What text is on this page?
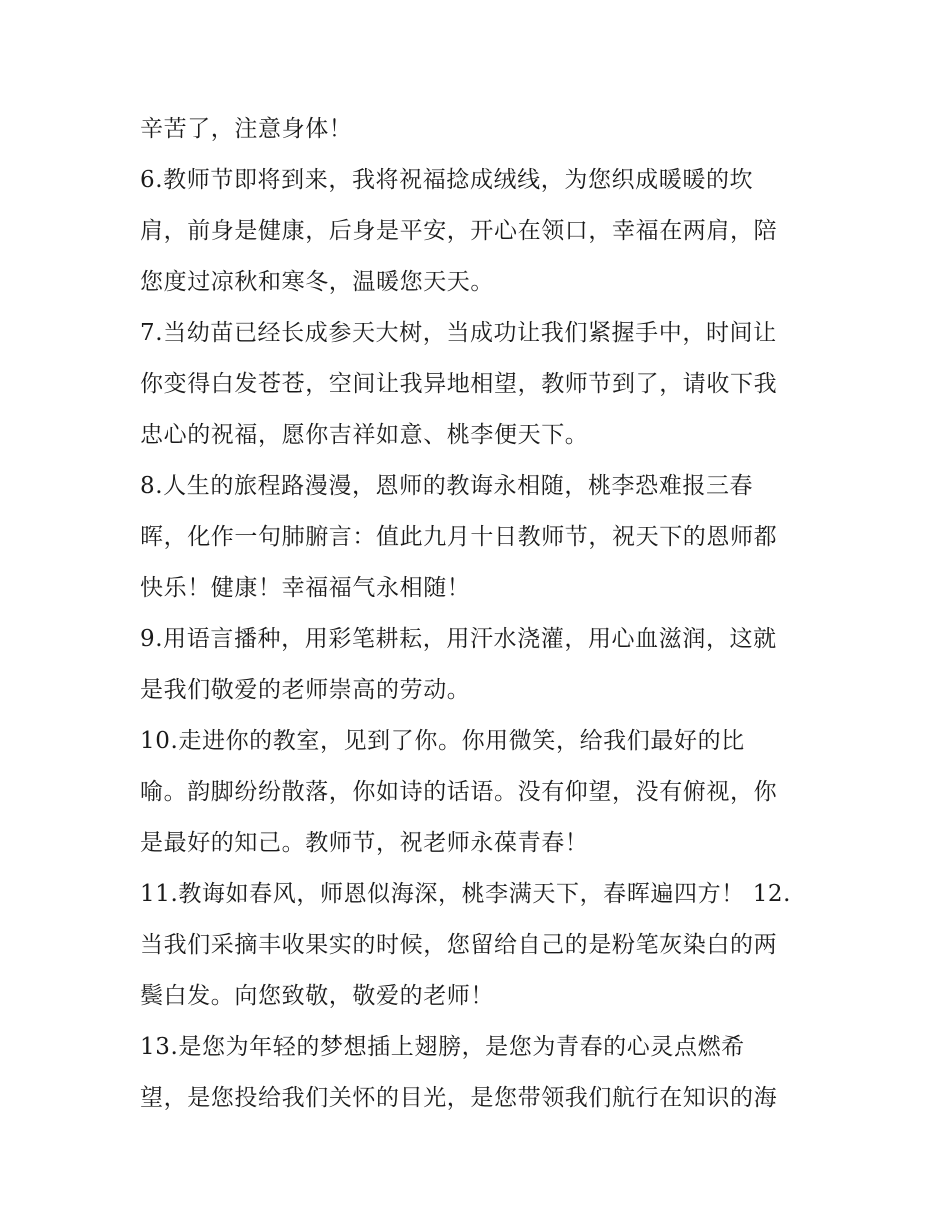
辛苦了，注意身体！
6.教师节即将到来，我将祝福捻成绒线，为您织成暖暖的坎
肩，前身是健康，后身是平安，开心在领口，幸福在两肩，陪
您度过凉秋和寒冬，温暖您天天。
7.当幼苗已经长成参天大树，当成功让我们紧握手中，时间让
你变得白发苍苍，空间让我异地相望，教师节到了，请收下我
忠心的祝福，愿你吉祥如意、桃李便天下。
8.人生的旅程路漫漫，恩师的教诲永相随，桃李恐难报三春
晖，化作一句肺腑言：值此九月十日教师节，祝天下的恩师都
快乐！健康！幸福福气永相随！
9.用语言播种，用彩笔耕耘，用汗水浇灌，用心血滋润，这就
是我们敬爱的老师崇高的劳动。
10.走进你的教室，见到了你。你用微笑，给我们最好的比
喻。韵脚纷纷散落，你如诗的话语。没有仰望，没有俯视，你
是最好的知己。教师节，祝老师永葆青春！
11.教诲如春风，师恩似海深，桃李满天下，春晖遍四方！ 12.
当我们采摘丰收果实的时候，您留给自己的是粉笔灰染白的两
鬓白发。向您致敬，敬爱的老师！
13.是您为年轻的梦想插上翅膀，是您为青春的心灵点燃希
望，是您投给我们关怀的目光，是您带领我们航行在知识的海
